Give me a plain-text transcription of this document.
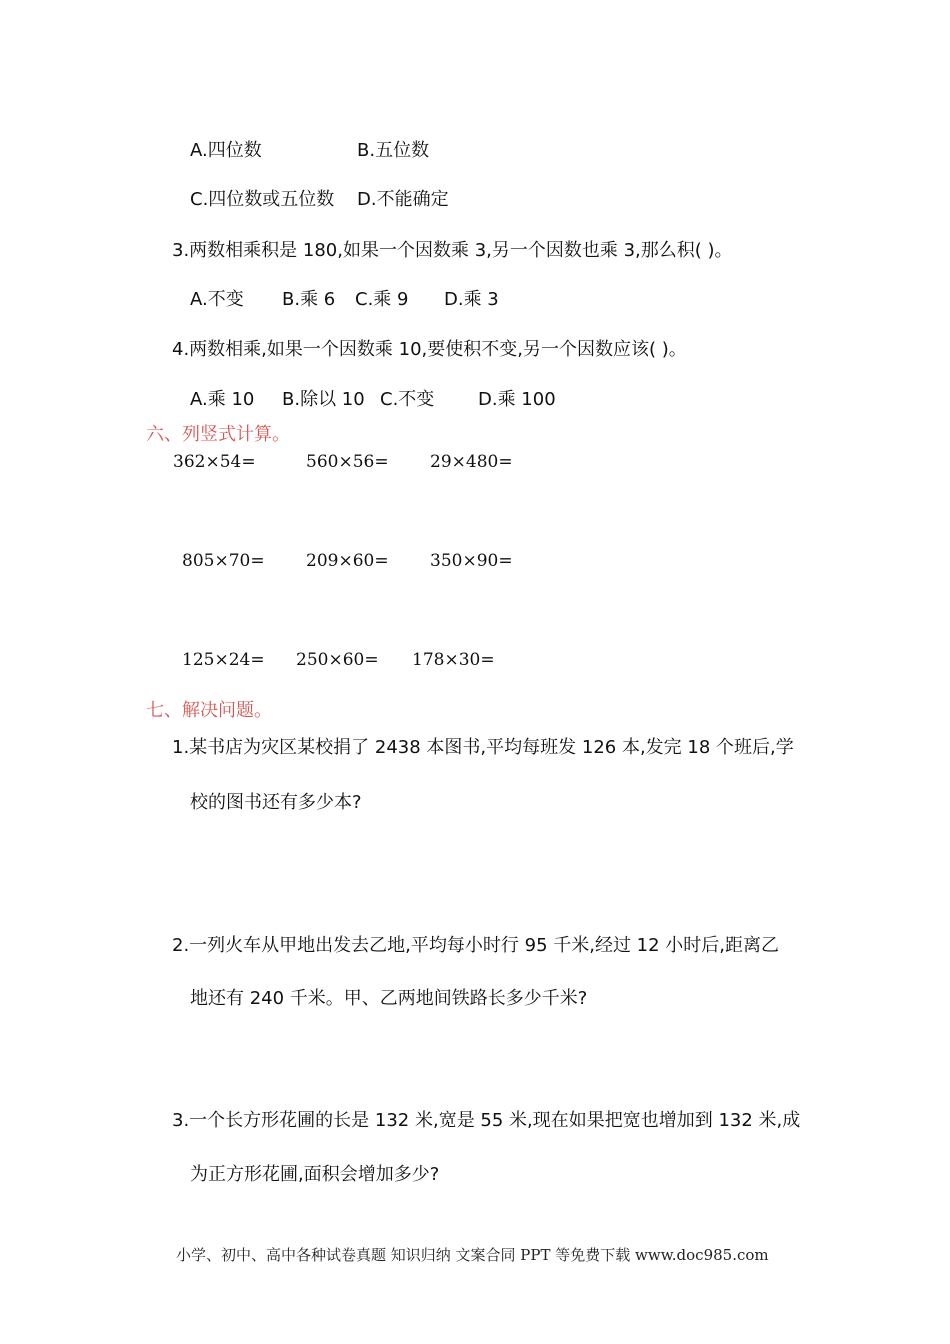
A.四位数	B.五位数
C.四位数或五位数 D.不能确定
3.两数相乘积是 180,如果一个因数乘 3,另一个因数也乘 3,那么积( )。
A.不变 B.乘 6 C.乘 9 D.乘 3
4.两数相乘,如果一个因数乘 10,要使积不变,另一个因数应该( )。
A.乘 10 B.除以 10 C.不变 D.乘 100
六、列竖式计算。
362×54=	560×56= 29×480=
805×70= 209×60= 350×90=
125×24= 250×60= 178×30=
七、解决问题。
1.某书店为灾区某校捐了 2438 本图书,平均每班发 126 本,发完 18 个班后,学
校的图书还有多少本?
2.一列火车从甲地出发去乙地,平均每小时行 95 千米,经过 12 小时后,距离乙
地还有 240 千米。甲、乙两地间铁路长多少千米?
3.一个长方形花圃的长是 132 米,宽是 55 米,现在如果把宽也增加到 132 米,成
为正方形花圃,面积会增加多少?
小学、初中、高中各种试卷真题 知识归纳 文案合同 PPT 等免费下载 www.doc985.com
